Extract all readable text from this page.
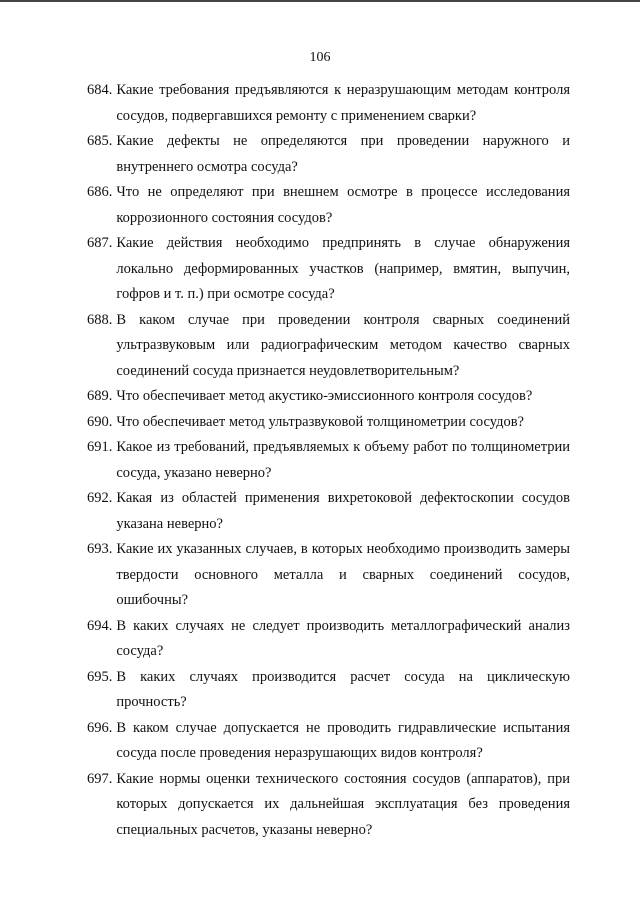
106
684. Какие требования предъявляются к неразрушающим методам контроля сосудов, подвергавшихся ремонту с применением сварки?
685. Какие дефекты не определяются при проведении наружного и внутреннего осмотра сосуда?
686. Что не определяют при внешнем осмотре в процессе исследования коррозионного состояния сосудов?
687. Какие действия необходимо предпринять в случае обнаружения локально деформированных участков (например, вмятин, выпучин, гофров и т. п.) при осмотре сосуда?
688. В каком случае при проведении контроля сварных соединений ультразвуковым или радиографическим методом качество сварных соединений сосуда признается неудовлетворительным?
689. Что обеспечивает метод акустико-эмиссионного контроля сосудов?
690. Что обеспечивает метод ультразвуковой толщинометрии сосудов?
691. Какое из требований, предъявляемых к объему работ по толщинометрии сосуда, указано неверно?
692. Какая из областей применения вихретоковой дефектоскопии сосудов указана неверно?
693. Какие их указанных случаев, в которых необходимо производить замеры твердости основного металла и сварных соединений сосудов, ошибочны?
694. В каких случаях не следует производить металлографический анализ сосуда?
695. В каких случаях производится расчет сосуда на циклическую прочность?
696. В каком случае допускается не проводить гидравлические испытания сосуда после проведения неразрушающих видов контроля?
697. Какие нормы оценки технического состояния сосудов (аппаратов), при которых допускается их дальнейшая эксплуатация без проведения специальных расчетов, указаны неверно?
